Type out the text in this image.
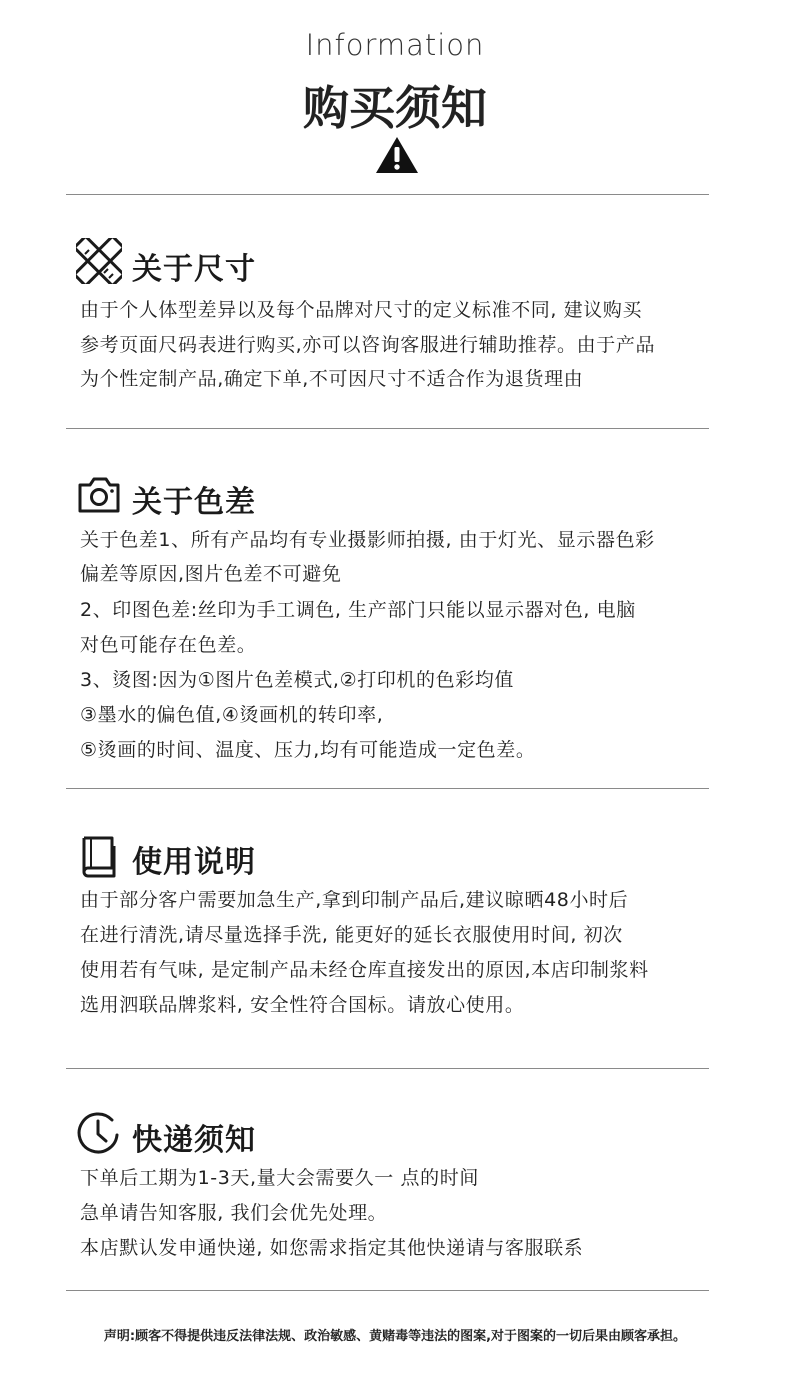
Information
购买须知
关于尺寸
由于个人体型差异以及每个品牌对尺寸的定义标准不同, 建议购买
参考页面尺码表进行购买,亦可以咨询客服进行辅助推荐。由于产品
为个性定制产品,确定下单,不可因尺寸不适合作为退货理由
关于色差
关于色差1、所有产品均有专业摄影师拍摄, 由于灯光、显示器色彩
偏差等原因,图片色差不可避免
2、印图色差:丝印为手工调色, 生产部门只能以显示器对色, 电脑
对色可能存在色差。
3、烫图:因为①图片色差模式,②打印机的色彩均值
③墨水的偏色值,④烫画机的转印率,
⑤烫画的时间、温度、压力,均有可能造成一定色差。
使用说明
由于部分客户需要加急生产,拿到印制产品后,建议晾晒48小时后
在进行清洗,请尽量选择手洗, 能更好的延长衣服使用时间, 初次
使用若有气味, 是定制产品未经仓库直接发出的原因,本店印制浆料
选用泗联品牌浆料, 安全性符合国标。请放心使用。
快递须知
下单后工期为1-3天,量大会需要久一 点的时间
急单请告知客服, 我们会优先处理。
本店默认发申通快递, 如您需求指定其他快递请与客服联系
声明:顾客不得提供违反法律法规、政治敏感、黄赌毒等违法的图案,对于图案的一切后果由顾客承担。
